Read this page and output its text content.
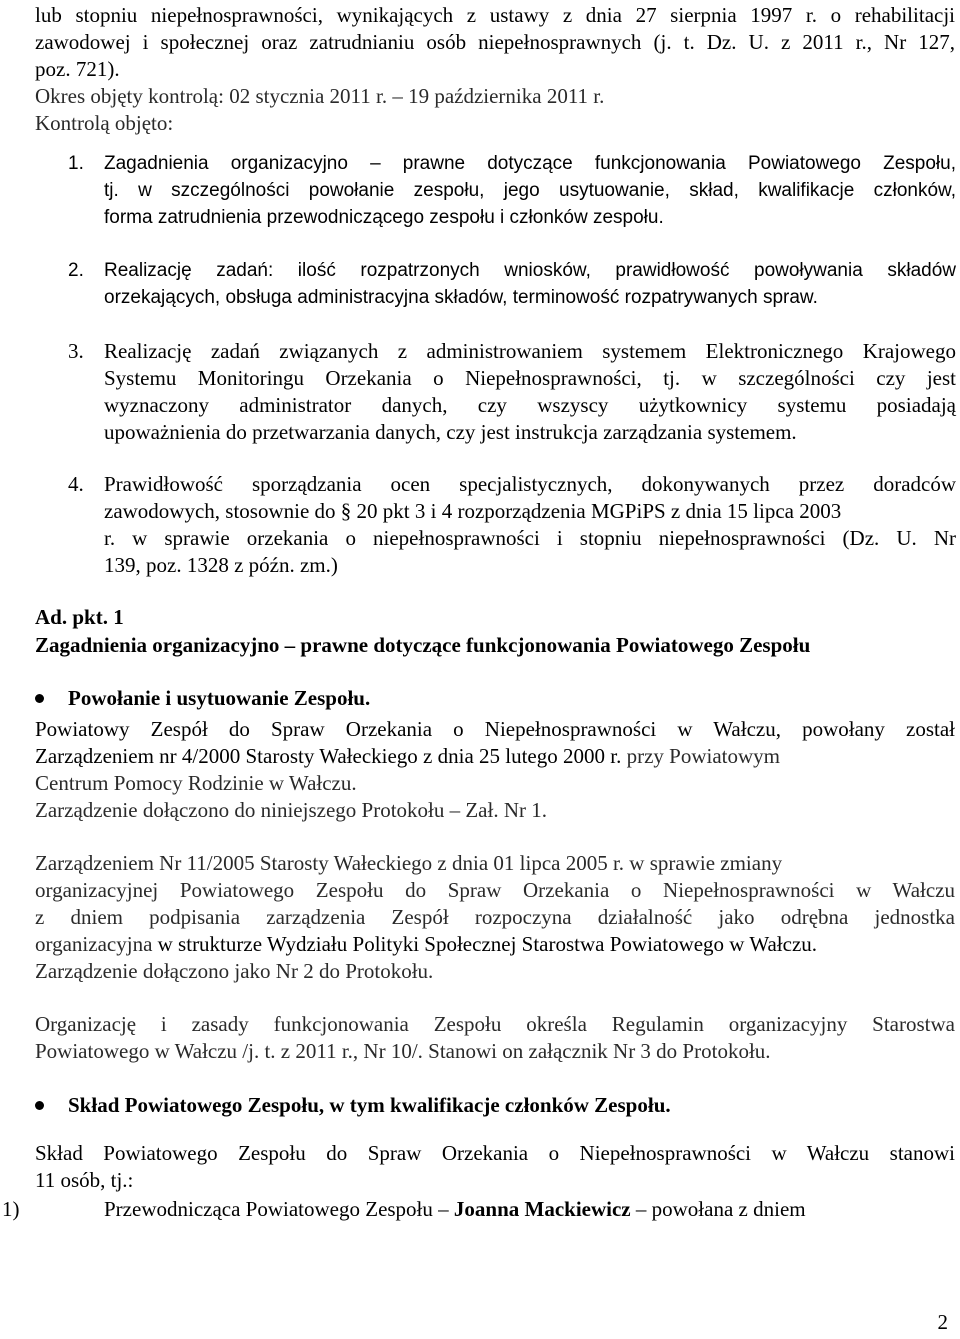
lub stopniu niepełnosprawności, wynikających z ustawy z dnia 27 sierpnia 1997 r. o rehabilitacji
zawodowej i społecznej oraz zatrudnianiu osób niepełnosprawnych (j. t. Dz. U. z 2011 r., Nr 127,
poz. 721).
Okres objęty kontrolą: 02 stycznia 2011 r. – 19 października 2011 r.
Kontrolą objęto:
1. Zagadnienia organizacyjno – prawne dotyczące funkcjonowania Powiatowego Zespołu,
tj. w szczególności powołanie zespołu, jego usytuowanie, skład, kwalifikacje członków,
forma zatrudnienia przewodniczącego zespołu i członków zespołu.
2. Realizację zadań: ilość rozpatrzonych wniosków, prawidłowość powoływania składów
orzekających, obsługa administracyjna składów, terminowość rozpatrywanych spraw.
3. Realizację zadań związanych z administrowaniem systemem Elektronicznego Krajowego
Systemu Monitoringu Orzekania o Niepełnosprawności, tj. w szczególności czy jest
wyznaczony administrator danych, czy wszyscy użytkownicy systemu posiadają
upoważnienia do przetwarzania danych, czy jest instrukcja zarządzania systemem.
4. Prawidłowość sporządzania ocen specjalistycznych, dokonywanych przez doradców
zawodowych, stosownie do § 20 pkt 3 i 4 rozporządzenia MGPiPS z dnia 15 lipca 2003
r. w sprawie orzekania o niepełnosprawności i stopniu niepełnosprawności (Dz. U. Nr
139, poz. 1328 z późn. zm.)
Ad. pkt. 1
Zagadnienia organizacyjno – prawne dotyczące funkcjonowania Powiatowego Zespołu
Powołanie i usytuowanie Zespołu.
Powiatowy Zespół do Spraw Orzekania o Niepełnosprawności w Wałczu, powołany został
Zarządzeniem nr 4/2000 Starosty Wałeckiego z dnia 25 lutego 2000 r. przy Powiatowym
Centrum Pomocy Rodzinie w Wałczu.
Zarządzenie dołączono do niniejszego Protokołu – Zał. Nr 1.
Zarządzeniem Nr 11/2005 Starosty Wałeckiego z dnia 01 lipca 2005 r. w sprawie zmiany
organizacyjnej Powiatowego Zespołu do Spraw Orzekania o Niepełnosprawności w Wałczu
z dniem podpisania zarządzenia Zespół rozpoczyna działalność jako odrębna jednostka
organizacyjna w strukturze Wydziału Polityki Społecznej Starostwa Powiatowego w Wałczu.
Zarządzenie dołączono jako Nr 2 do Protokołu.
Organizację i zasady funkcjonowania Zespołu określa Regulamin organizacyjny Starostwa
Powiatowego w Wałczu /j. t. z 2011 r., Nr 10/. Stanowi on załącznik Nr 3 do Protokołu.
Skład Powiatowego Zespołu, w tym kwalifikacje członków Zespołu.
Skład Powiatowego Zespołu do Spraw Orzekania o Niepełnosprawności w Wałczu stanowi
11 osób, tj.:
1)	Przewodnicząca Powiatowego Zespołu – Joanna Mackiewicz – powołana z dniem
2
